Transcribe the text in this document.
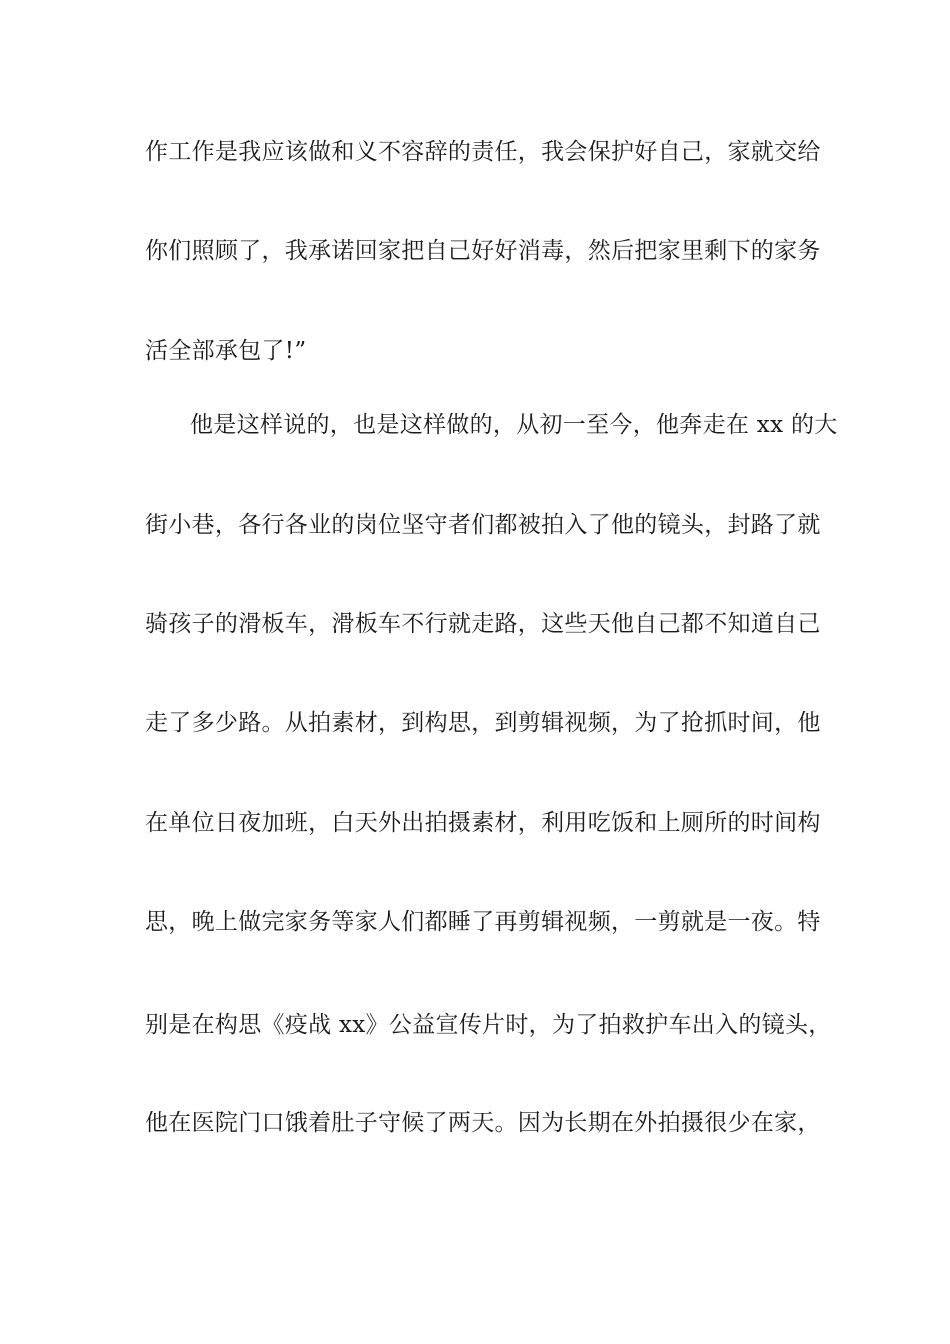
作工作是我应该做和义不容辞的责任，我会保护好自己，家就交给
你们照顾了，我承诺回家把自己好好消毒，然后把家里剩下的家务
活全部承包了!”
他是这样说的，也是这样做的，从初一至今，他奔走在 xx 的大
街小巷，各行各业的岗位坚守者们都被拍入了他的镜头，封路了就
骑孩子的滑板车，滑板车不行就走路，这些天他自己都不知道自己
走了多少路。从拍素材，到构思，到剪辑视频，为了抢抓时间，他
在单位日夜加班，白天外出拍摄素材，利用吃饭和上厕所的时间构
思，晚上做完家务等家人们都睡了再剪辑视频，一剪就是一夜。特
别是在构思《疫战 xx》公益宣传片时，为了拍救护车出入的镜头，
他在医院门口饿着肚子守候了两天。因为长期在外拍摄很少在家，
